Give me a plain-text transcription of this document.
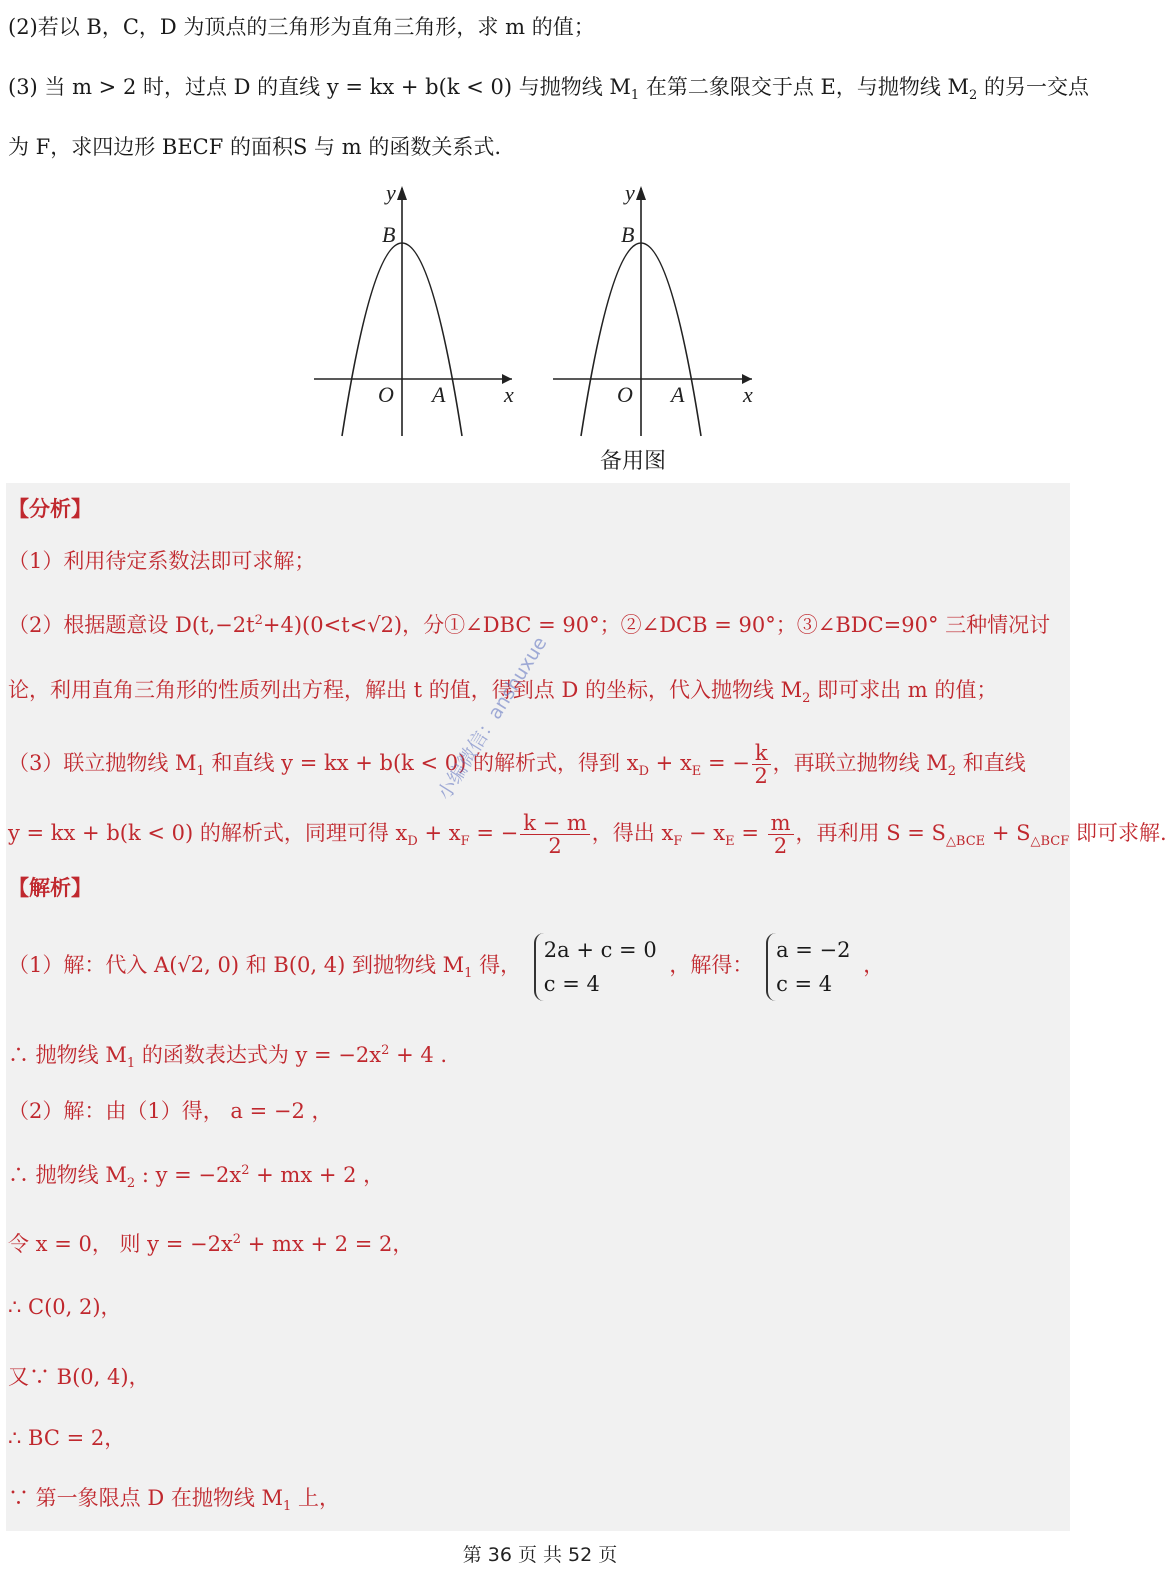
(2)若以 B，C，D 为顶点的三角形为直角三角形，求 m 的值；
(3) 当 m > 2 时，过点 D 的直线 y = kx + b(k < 0) 与抛物线 $M_1$ 在第二象限交于点 E，与抛物线 $M_2$ 的另一交点
为 F，求四边形 BECF 的面积S 与 m 的函数关系式.
y
B
O A	x
y
B
O A	x
备用图
【分析】
（1）利用待定系数法即可求解；
（2）根据题意设 $D(t,-2t^2+4)(0<t<√2)$，分①∠DBC = 90°；②∠DCB = 90°；③∠BDC=90° 三种情况讨
论，利用直角三角形的性质列出方程，解出 t 的值，得到点 D 的坐标，代入抛物线 $M_2$ 即可求出 m 的值；
（3）联立抛物线 $M_1$ 和直线 y = kx + b(k < 0) 的解析式，得到 $x_D + x_E$ = − $\frac{k}{2}$ ，再联立抛物线 $M_2$ 和直线
y = kx + b(k < 0) 的解析式，同理可得 $x_D + x_F$ = − $\frac{k - m}{2}$ ，得出 $x_F - x_E = \frac{m}{2}$ ，再利用 $S = S_{\triangle BCE} + S_{\triangle BCF}$ 即可求解.
【解析】
（1）解：代入 A(√2, 0) 和 B(0, 4) 到抛物线 $M_1$ 得，
2a + c = 0
c = 4
，解得：
a = −2
c = 4
，
∴ 抛物线 $M_1$ 的函数表达式为 $y = -2x^2 + 4$ .
（2）解：由（1）得， a = −2 ，
∴ 抛物线 $M_2$ : $y = -2x^2$ + mx + 2 ，
令 x = 0， 则 $y = -2x^2$ + mx + 2 = 2，
∴ C(0, 2)，
又∵ B(0, 4)，
∴ BC = 2，
∵ 第一象限点 D 在抛物线 $M_1$ 上，
小编微信：anshuxue
第 36 页 共 52 页
